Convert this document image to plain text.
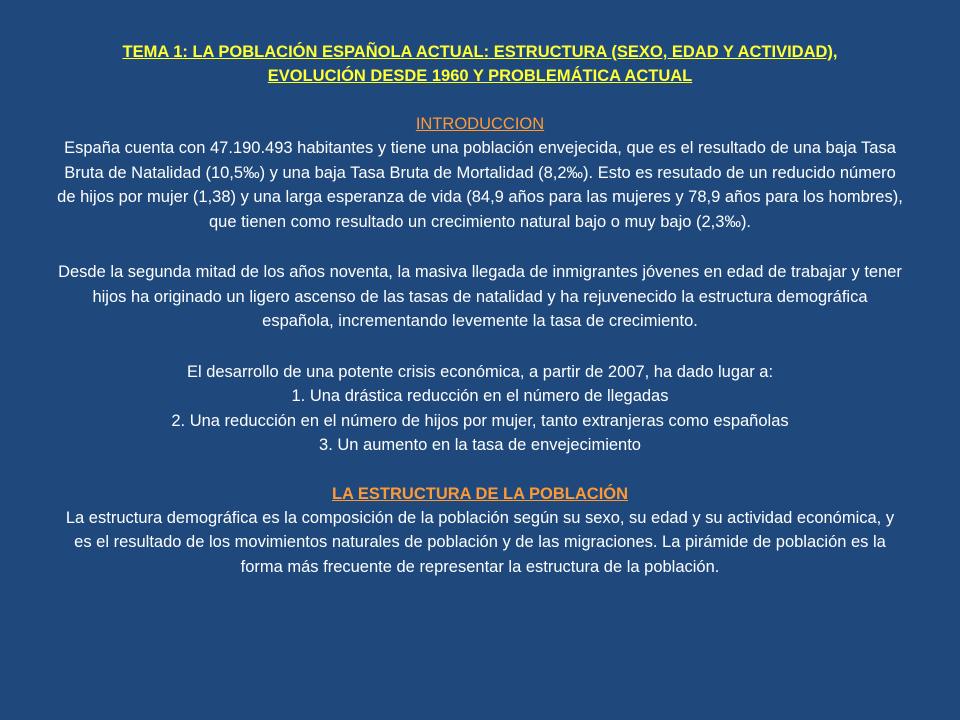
TEMA 1: LA POBLACIÓN ESPAÑOLA ACTUAL: ESTRUCTURA (SEXO, EDAD Y ACTIVIDAD),

EVOLUCIÓN DESDE 1960 Y PROBLEMÁTICA ACTUAL

INTRODUCCION

España cuenta con 47.190.493 habitantes y tiene una población envejecida, que es el resultado de una baja Tasa Bruta de Natalidad (10,5‰) y una baja Tasa Bruta de Mortalidad (8,2‰). Esto es resutado de un reducido número de hijos por mujer (1,38) y una larga esperanza de vida (84,9 años para las mujeres y 78,9 años para los hombres), que tienen como resultado un crecimiento natural bajo o muy bajo (2,3‰).

Desde la segunda mitad de los años noventa, la masiva llegada de inmigrantes jóvenes en edad de trabajar y tener hijos ha originado un ligero ascenso de las tasas de natalidad y ha rejuvenecido la estructura demográfica española, incrementando levemente la tasa de crecimiento.

El desarrollo de una potente crisis económica, a partir de 2007, ha dado lugar a:

1. Una drástica reducción en el número de llegadas

2. Una reducción en el número de hijos por mujer, tanto extranjeras como españolas

3. Un aumento en la tasa de envejecimiento

LA ESTRUCTURA DE LA POBLACIÓN

La estructura demográfica es la composición de la población según su sexo, su edad y su actividad económica, y es el resultado de los movimientos naturales de población y de las migraciones. La pirámide de población es la forma más frecuente de representar la estructura de la población.
